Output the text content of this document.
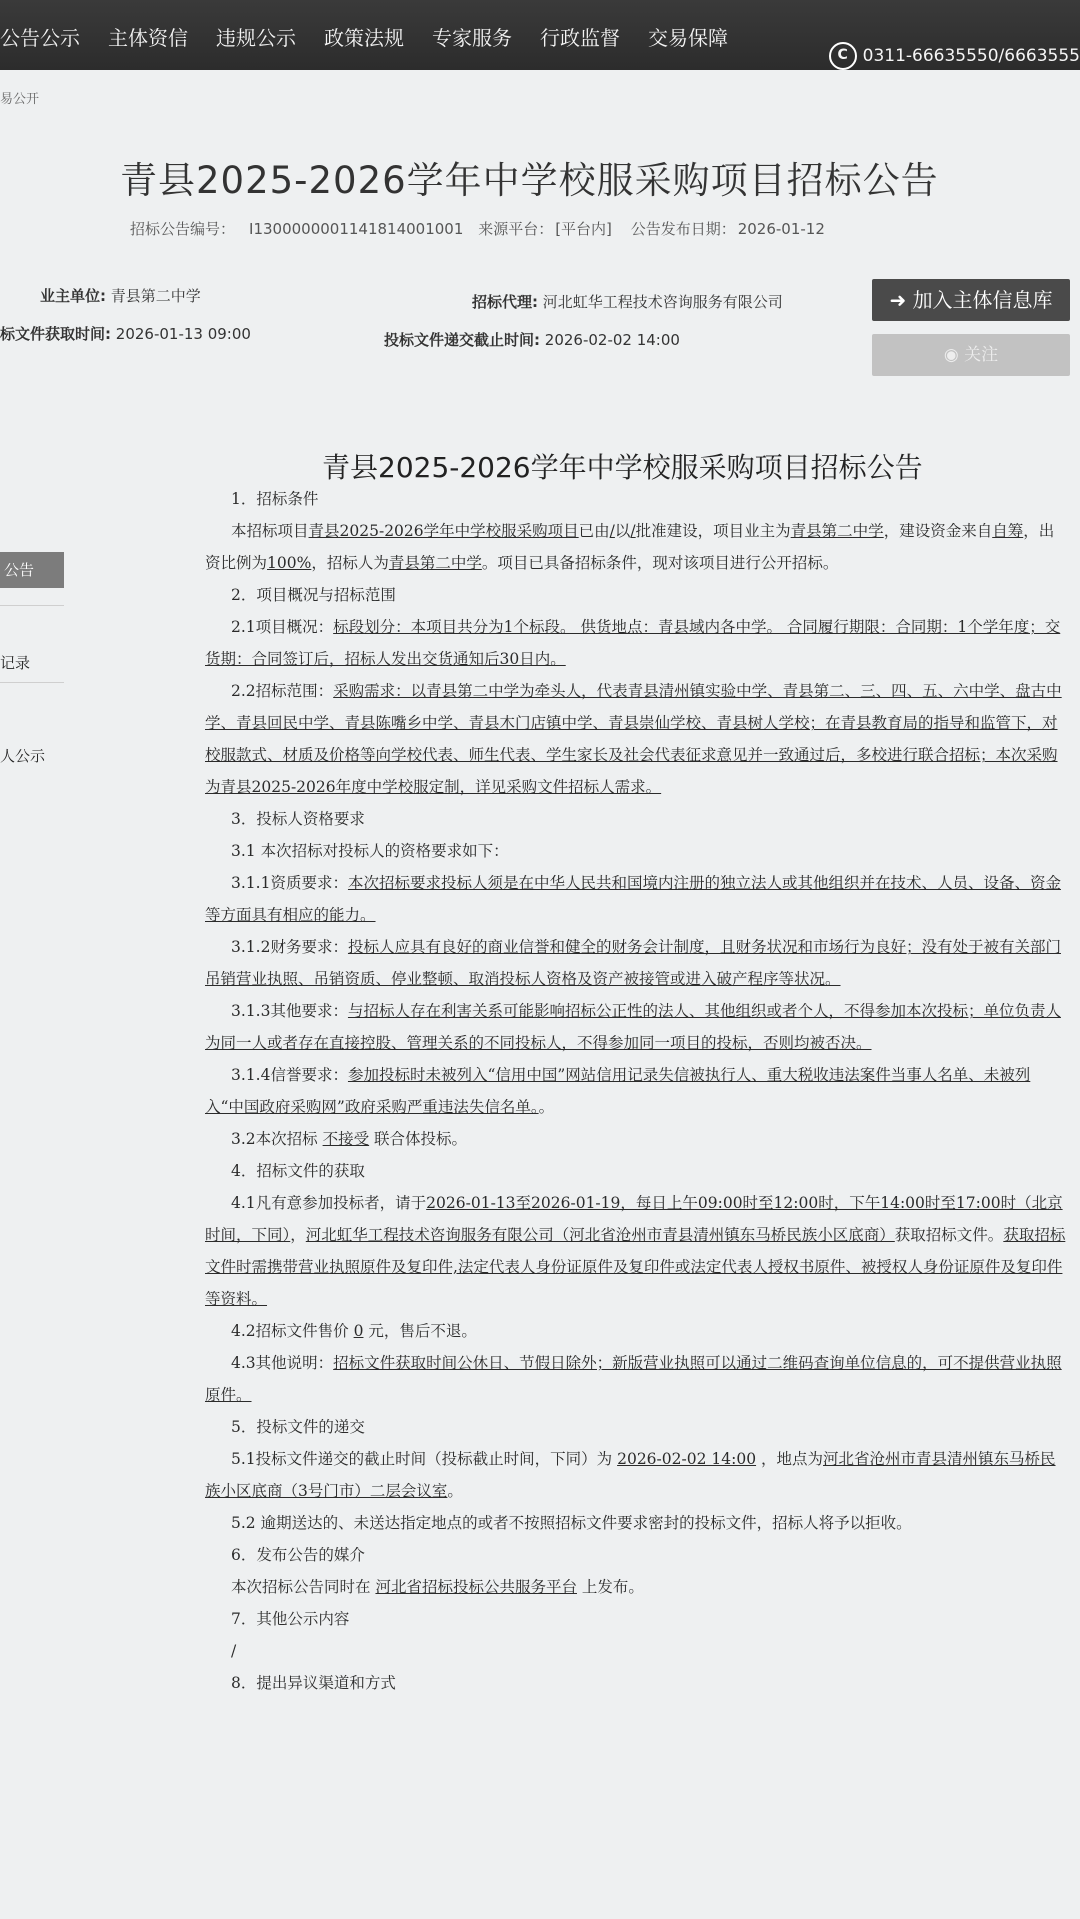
公告公示 主体资信 违规公示 政策法规 专家服务 行政监督 交易保障
C 0311-66635550/6663555
易公开
青县2025-2026学年中学校服采购项目招标公告
招标公告编号： I1300000001141814001001 来源平台： [平台内] 公告发布日期： 2026-01-12
业主单位: 青县第二中学	招标代理: 河北虹华工程技术咨询服务有限公司
标文件获取时间: 2026-01-13 09:00	投标文件递交截止时间: 2026-02-02 14:00
➜ 加入主体信息库
◉ 关注
公告
记录
人公示
青县2025-2026学年中学校服采购项目招标公告

1．招标条件

本招标项目青县2025-2026学年中学校服采购项目已由/以/批准建设，项目业主为青县第二中学，建设资金来自自筹，出资比例为100%，招标人为青县第二中学。项目已具备招标条件，现对该项目进行公开招标。

2．项目概况与招标范围

2.1项目概况：标段划分：本项目共分为1个标段。 供货地点：青县域内各中学。 合同履行期限：合同期：1个学年度；交货期：合同签订后，招标人发出交货通知后30日内。

2.2招标范围：采购需求：以青县第二中学为牵头人，代表青县清州镇实验中学、青县第二、三、四、五、六中学、盘古中学、青县回民中学、青县陈嘴乡中学、青县木门店镇中学、青县崇仙学校、青县树人学校；在青县教育局的指导和监管下，对校服款式、材质及价格等向学校代表、师生代表、学生家长及社会代表征求意见并一致通过后，多校进行联合招标；本次采购为青县2025-2026年度中学校服定制，详见采购文件招标人需求。

3．投标人资格要求

3.1 本次招标对投标人的资格要求如下：

3.1.1资质要求：本次招标要求投标人须是在中华人民共和国境内注册的独立法人或其他组织并在技术、人员、设备、资金等方面具有相应的能力。

3.1.2财务要求：投标人应具有良好的商业信誉和健全的财务会计制度，且财务状况和市场行为良好；没有处于被有关部门吊销营业执照、吊销资质、停业整顿、取消投标人资格及资产被接管或进入破产程序等状况。

3.1.3其他要求：与招标人存在利害关系可能影响招标公正性的法人、其他组织或者个人，不得参加本次投标；单位负责人为同一人或者存在直接控股、管理关系的不同投标人，不得参加同一项目的投标，否则均被否决。

3.1.4信誉要求：参加投标时未被列入“信用中国”网站信用记录失信被执行人、重大税收违法案件当事人名单、未被列入“中国政府采购网”政府采购严重违法失信名单。。

3.2本次招标 不接受 联合体投标。

4．招标文件的获取

4.1凡有意参加投标者，请于2026-01-13至2026-01-19，每日上午09:00时至12:00时，下午14:00时至17:00时（北京时间，下同），河北虹华工程技术咨询服务有限公司（河北省沧州市青县清州镇东马桥民族小区底商）获取招标文件。获取招标文件时需携带营业执照原件及复印件,法定代表人身份证原件及复印件或法定代表人授权书原件、被授权人身份证原件及复印件等资料。

4.2招标文件售价 0 元，售后不退。

4.3其他说明：招标文件获取时间公休日、节假日除外；新版营业执照可以通过二维码查询单位信息的，可不提供营业执照原件。

5．投标文件的递交

5.1投标文件递交的截止时间（投标截止时间，下同）为 2026-02-02 14:00 ，地点为河北省沧州市青县清州镇东马桥民族小区底商（3号门市）二层会议室。

5.2 逾期送达的、未送达指定地点的或者不按照招标文件要求密封的投标文件，招标人将予以拒收。

6．发布公告的媒介

本次招标公告同时在 河北省招标投标公共服务平台 上发布。

7．其他公示内容

/

8．提出异议渠道和方式
